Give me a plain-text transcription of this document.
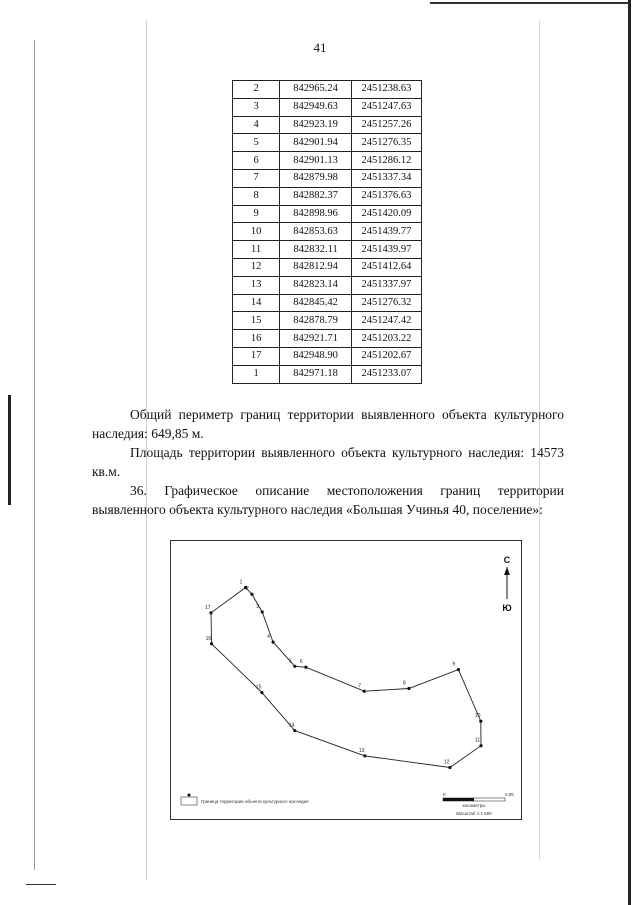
41
2	842965.24	2451238.63
3	842949.63	2451247.63
4	842923.19	2451257.26
5	842901.94	2451276.35
6	842901.13	2451286.12
7	842879.98	2451337.34
8	842882.37	2451376.63
9	842898.96	2451420.09
10	842853.63	2451439.77
11	842832.11	2451439.97
12	842812.94	2451412.64
13	842823.14	2451337.97
14	842845.42	2451276.32
15	842878.79	2451247.42
16	842921.71	2451203.22
17	842948.90	2451202.67
1	842971.18	2451233.07

Общий периметр границ территории выявленного объекта культурного наследия: 649,85 м.

Площадь территории выявленного объекта культурного наследия: 14573 кв.м.

36. Графическое описание местоположения границ территории выявленного объекта культурного наследия «Большая Учинья 40, поселение»:

1
2
3
4
5 6
7	8
9
10
11
12
13
14
15
16
17
С
Ю
Граница территории объекта культурного наследия
0	0,95
километры
Масштаб 1:1 500
